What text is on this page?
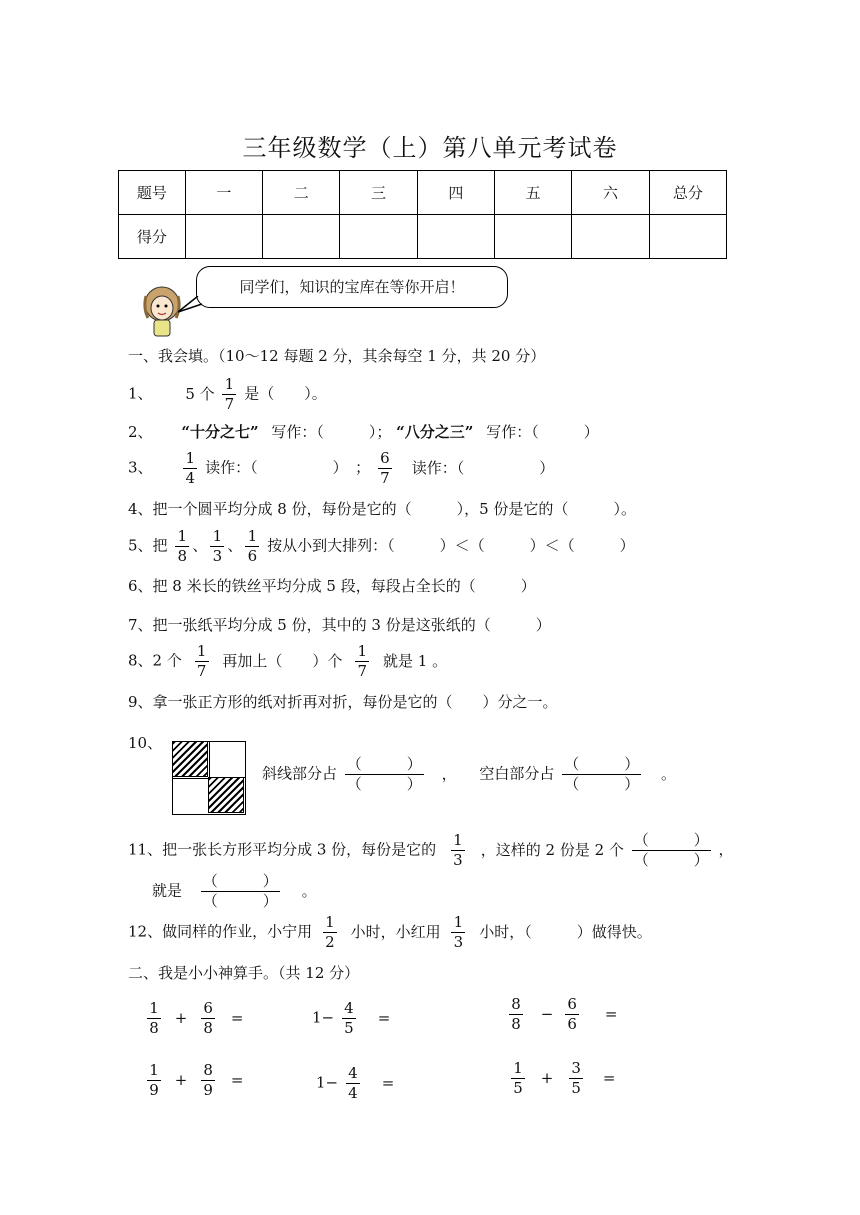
三年级数学（上）第八单元考试卷
题号	一	二	三	四	五	六	总分
得分							
同学们，知识的宝库在等你开启！
一、我会填。（10～12 每题 2 分，其余每空 1 分，共 20 分）
1、 5 个 $\frac{1}{7}$ 是（　　）。
2、 “十分之七” 写作：（　　　）； “八分之三” 写作：（　　　）
3、 $\frac{1}{4}$ 读作：（　　　　　）　； $\frac{6}{7}$ 读作：（　　　　　）
4、把一个圆平均分成 8 份，每份是它的（　　　），5 份是它的（　　　）。
5、把 $\frac{1}{8}$ 、 $\frac{1}{3}$ 、 $\frac{1}{6}$ 按从小到大排列：（　　　）＜（　　　）＜（　　　）
6、把 8 米长的铁丝平均分成 5 段，每段占全长的（　　　）
7、把一张纸平均分成 5 份，其中的 3 份是这张纸的（　　　）
8、2 个 $\frac{1}{7}$ 再加上（　　）个 $\frac{1}{7}$ 就是 1 。
9、拿一张正方形的纸对折再对折，每份是它的（　　）分之一。
10、
斜线部分占 $\frac{( )}{( )}$ ， 空白部分占 $\frac{( )}{( )}$ 。
11、把一张长方形平均分成 3 份，每份是它的 $\frac{1}{3}$ ，这样的 2 份是 2 个 $\frac{( )}{( )}$ ，
就是 $\frac{( )}{( )}$ 。
12、做同样的作业，小宁用 $\frac{1}{2}$ 小时，小红用 $\frac{1}{3}$ 小时，（　　　）做得快。
二、我是小小神算手。（共 12 分）
$\frac{1}{8} + \frac{6}{8}$ =	$1- \frac{4}{5}$ =	$\frac{8}{8} - \frac{6}{6}$ =
$\frac{1}{9} + \frac{8}{9}$ =	$1- \frac{4}{4}$ =	$\frac{1}{5} + \frac{3}{5}$ =
